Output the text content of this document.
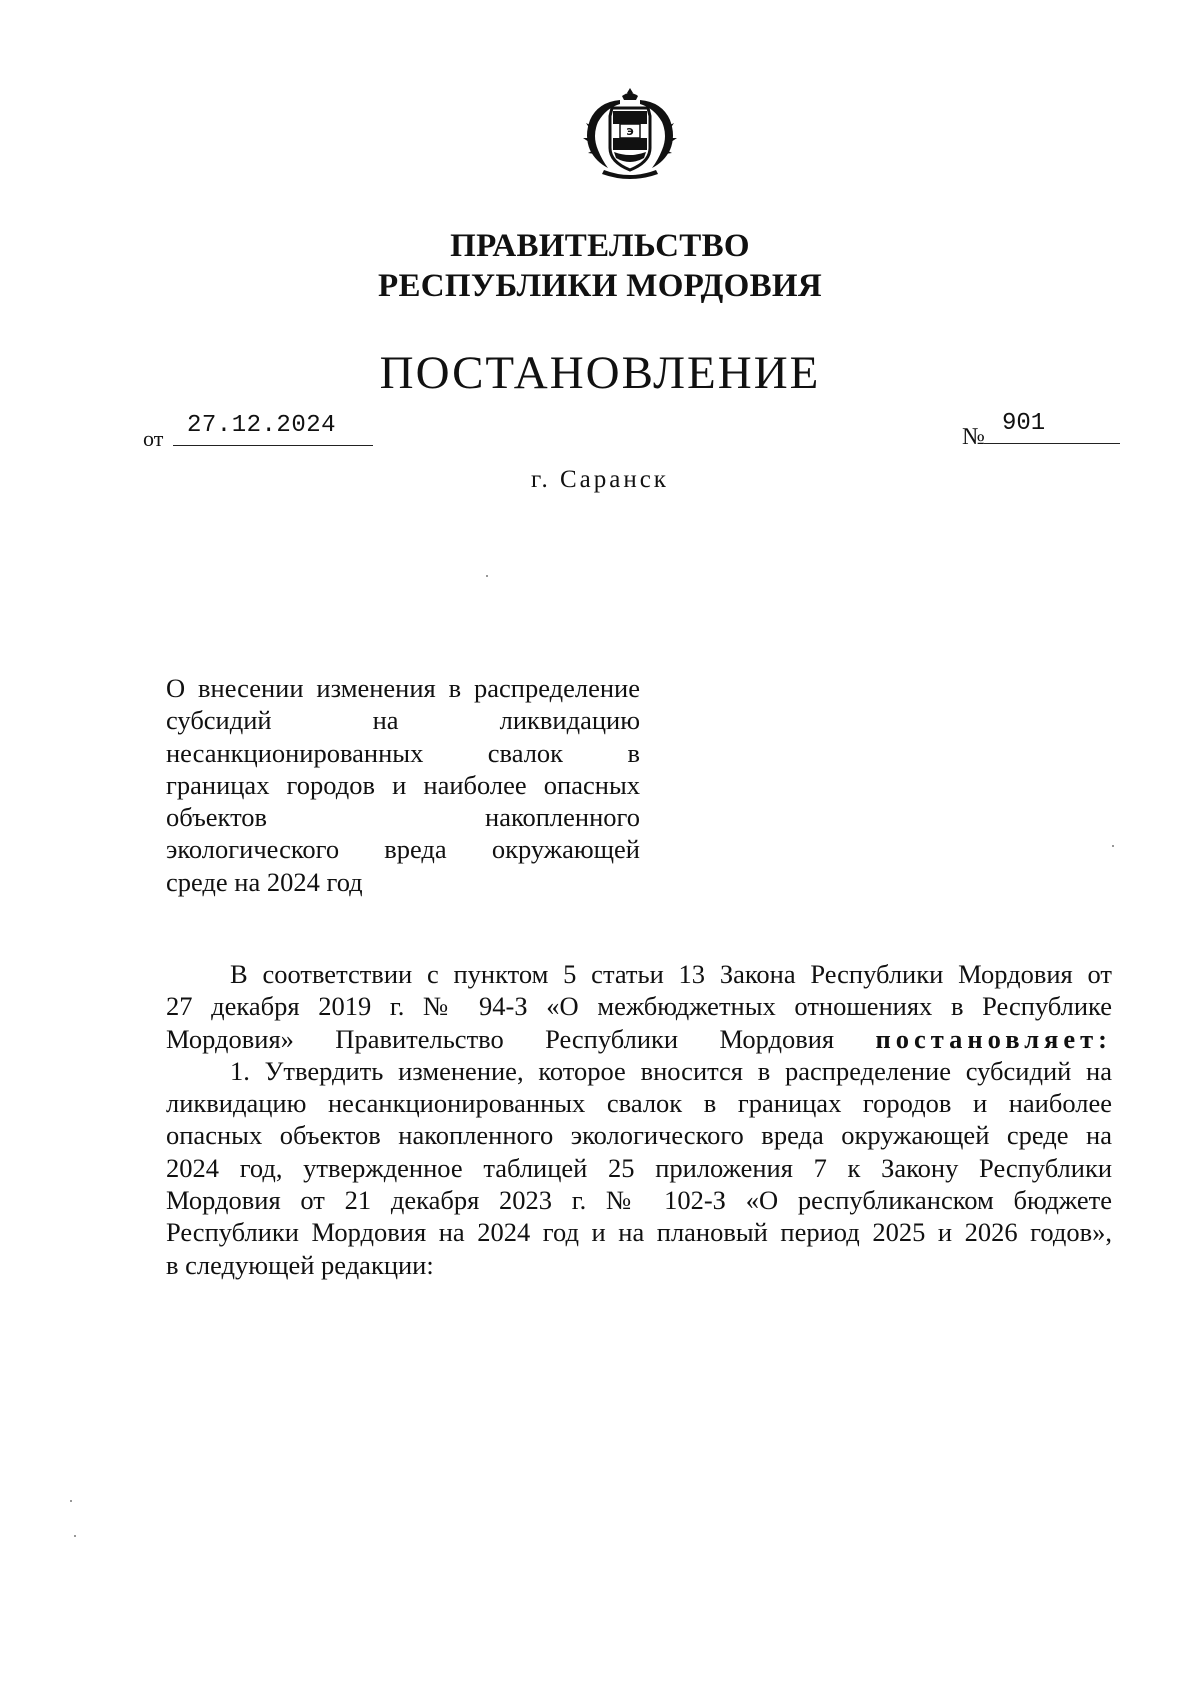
Э
ПРАВИТЕЛЬСТВО
РЕСПУБЛИКИ МОРДОВИЯ
ПОСТАНОВЛЕНИЕ
от 27.12.2024	№ 901
г. Саранск
О внесении изменения в распределение
субсидий на ликвидацию
несанкционированных свалок в
границах городов и наиболее опасных
объектов накопленного
экологического вреда окружающей
среде на 2024 год
В соответствии с пунктом 5 статьи 13 Закона Республики Мордовия от
27 декабря 2019 г. № 94-З «О межбюджетных отношениях в Республике
Мордовия» Правительство Республики Мордовия постановляет:
1. Утвердить изменение, которое вносится в распределение субсидий на
ликвидацию несанкционированных свалок в границах городов и наиболее
опасных объектов накопленного экологического вреда окружающей среде на
2024 год, утвержденное таблицей 25 приложения 7 к Закону Республики
Мордовия от 21 декабря 2023 г. № 102-З «О республиканском бюджете
Республики Мордовия на 2024 год и на плановый период 2025 и 2026 годов»,
в следующей редакции:
